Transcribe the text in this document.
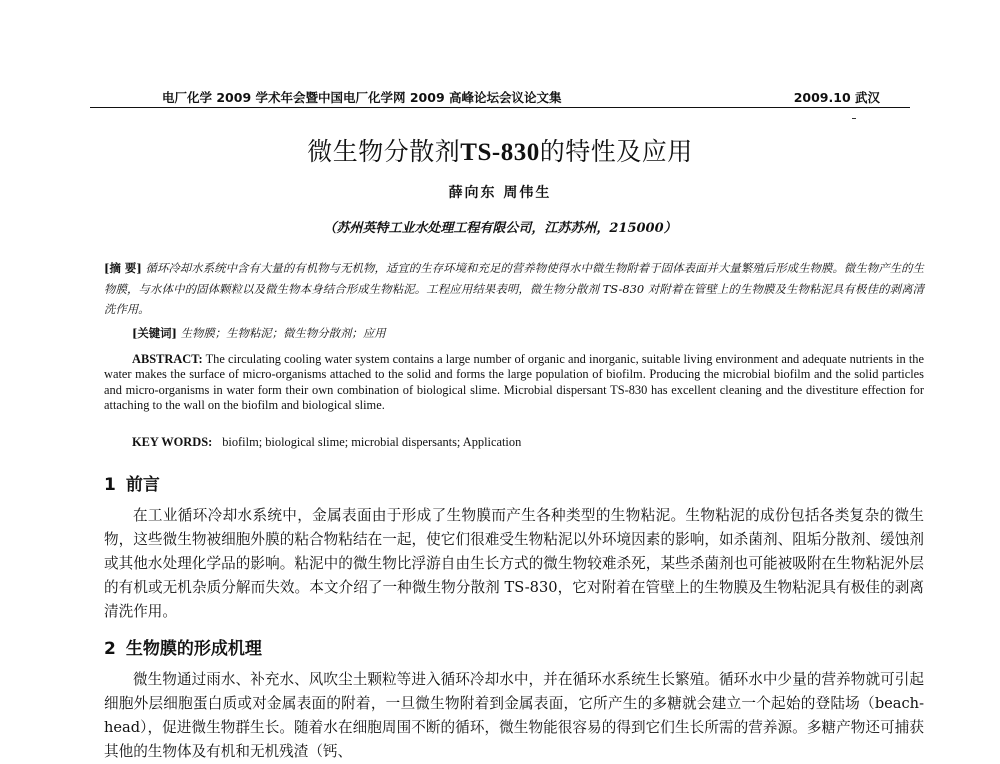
电厂化学 2009 学术年会暨中国电厂化学网 2009 高峰论坛会议论文集	2009.10 武汉
微生物分散剂TS-830的特性及应用
薛向东 周伟生
（苏州英特工业水处理工程有限公司，江苏苏州，215000）
[摘 要] 循环冷却水系统中含有大量的有机物与无机物，适宜的生存环境和充足的营养物使得水中微生物附着于固体表面并大量繁殖后形成生物膜。微生物产生的生物膜，与水体中的固体颗粒以及微生物本身结合形成生物粘泥。工程应用结果表明，微生物分散剂 TS-830 对附着在管壁上的生物膜及生物粘泥具有极佳的剥离清洗作用。
[关键词] 生物膜；生物粘泥；微生物分散剂；应用
ABSTRACT: The circulating cooling water system contains a large number of organic and inorganic, suitable living environment and adequate nutrients in the water makes the surface of micro-organisms attached to the solid and forms the large population of biofilm. Producing the microbial biofilm and the solid particles and micro-organisms in water form their own combination of biological slime. Microbial dispersant TS-830 has excellent cleaning and the divestiture effection for attaching to the wall on the biofilm and biological slime.
KEY WORDS: biofilm; biological slime; microbial dispersants; Application
1 前言
在工业循环冷却水系统中，金属表面由于形成了生物膜而产生各种类型的生物粘泥。生物粘泥的成份包括各类复杂的微生物，这些微生物被细胞外膜的粘合物粘结在一起，使它们很难受生物粘泥以外环境因素的影响，如杀菌剂、阻垢分散剂、缓蚀剂或其他水处理化学品的影响。粘泥中的微生物比浮游自由生长方式的微生物较难杀死，某些杀菌剂也可能被吸附在生物粘泥外层的有机或无机杂质分解而失效。本文介绍了一种微生物分散剂 TS-830，它对附着在管壁上的生物膜及生物粘泥具有极佳的剥离清洗作用。
2 生物膜的形成机理
微生物通过雨水、补充水、风吹尘土颗粒等进入循环冷却水中，并在循环水系统生长繁殖。循环水中少量的营养物就可引起细胞外层细胞蛋白质或对金属表面的附着，一旦微生物附着到金属表面，它所产生的多糖就会建立一个起始的登陆场（beach-head），促进微生物群生长。随着水在细胞周围不断的循环，微生物能很容易的得到它们生长所需的营养源。多糖产物还可捕获其他的生物体及有机和无机残渣（钙、
